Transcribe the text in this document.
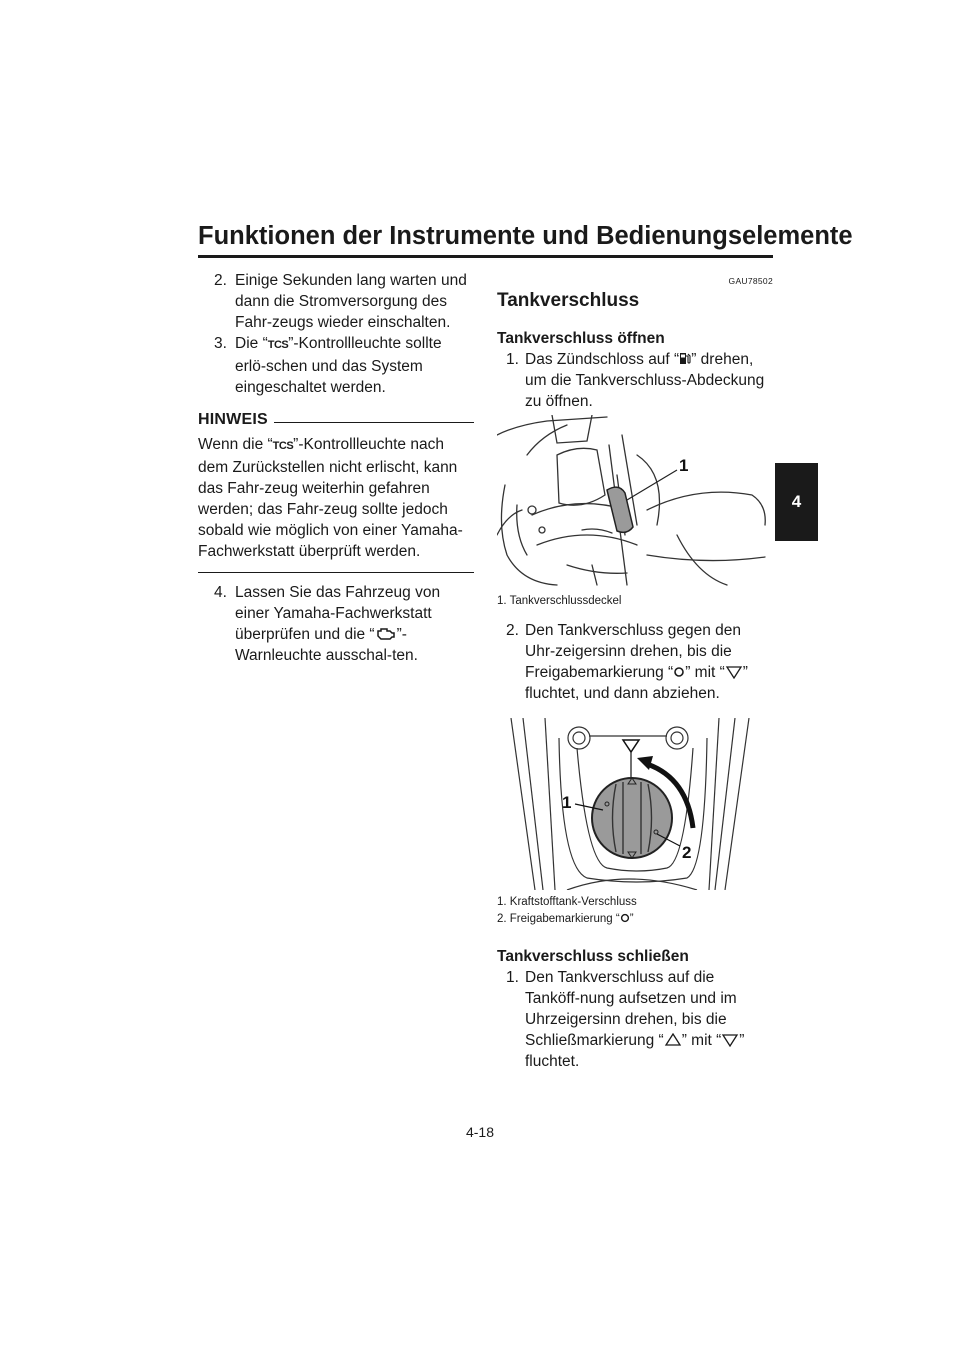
Funktionen der Instrumente und Bedienungselemente
4

2. Einige Sekunden lang warten und dann die Stromversorgung des Fahr-zeugs wieder einschalten.

3. Die “TCS”-Kontrollleuchte sollte erlö-schen und das System eingeschaltet werden.

HINWEIS

Wenn die “TCS”-Kontrollleuchte nach dem Zurückstellen nicht erlischt, kann das Fahr-zeug weiterhin gefahren werden; das Fahr-zeug sollte jedoch sobald wie möglich von einer Yamaha-Fachwerkstatt überprüft werden.

4. Lassen Sie das Fahrzeug von einer Yamaha-Fachwerkstatt überprüfen und die “ ”-Warnleuchte ausschal-ten.

GAU78502
Tankverschluss
Tankverschluss öffnen

1. Das Zündschloss auf “ ” drehen, um die Tankverschluss-Abdeckung zu öffnen.

1
1. Tankverschlussdeckel

2. Den Tankverschluss gegen den Uhr-zeigersinn drehen, bis die Freigabemarkierung “ ” mit “ ” fluchtet, und dann abziehen.

1
2
1. Kraftstofftank-Verschluss
2. Freigabemarkierung “ ”
Tankverschluss schließen

1. Den Tankverschluss auf die Tanköff-nung aufsetzen und im Uhrzeigersinn drehen, bis die Schließmarkierung “ ” mit “ ” fluchtet.

4-18
